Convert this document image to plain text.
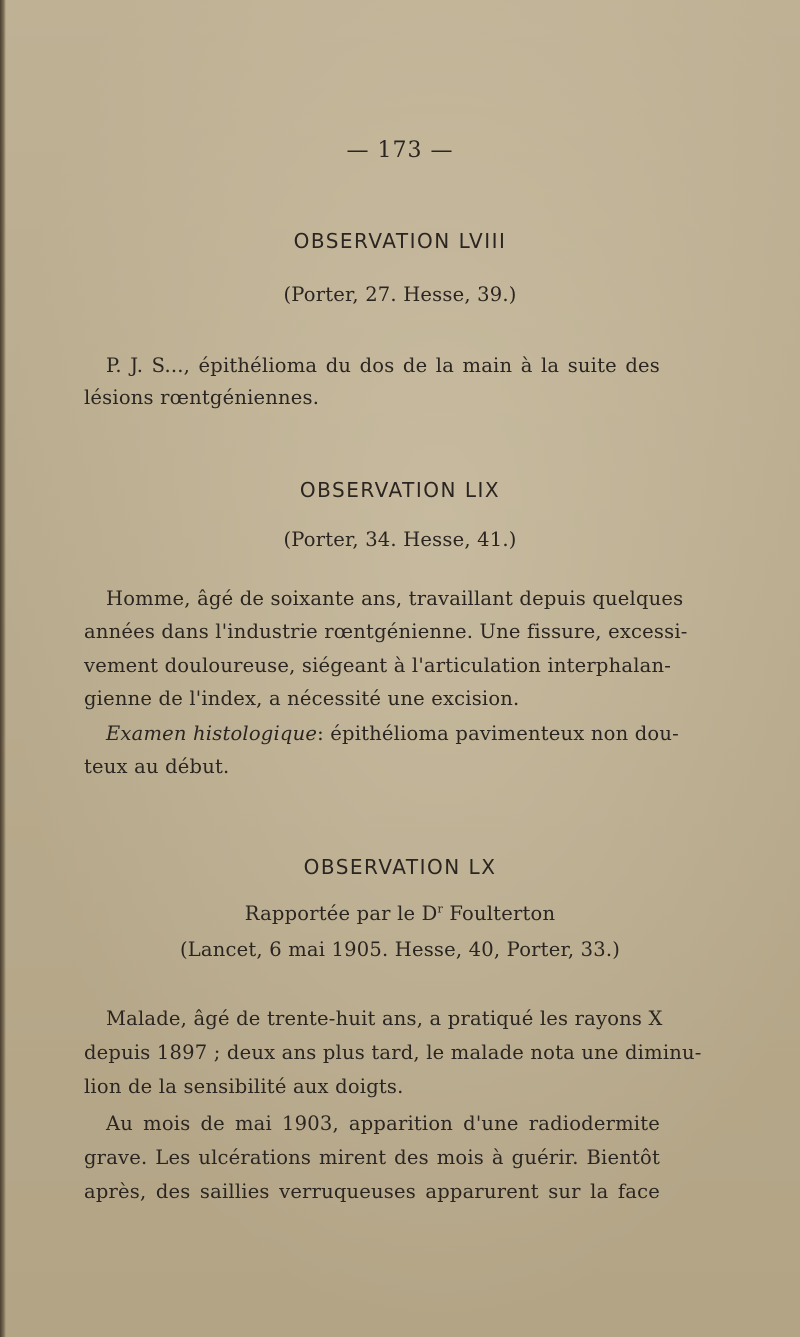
— 173 —
OBSERVATION LVIII
(Porter, 27. Hesse, 39.)
P. J. S..., épithélioma du dos de la main à la suite des
lésions rœntgéniennes.
OBSERVATION LIX
(Porter, 34. Hesse, 41.)
Homme, âgé de soixante ans, travaillant depuis quelques
années dans l'industrie rœntgénienne. Une fissure, excessi-
vement douloureuse, siégeant à l'articulation interphalan-
gienne de l'index, a nécessité une excision.
Examen histologique: épithélioma pavimenteux non dou-
teux au début.
OBSERVATION LX
Rapportée par le $D^r$ Foulterton
(Lancet, 6 mai 1905. Hesse, 40, Porter, 33.)
Malade, âgé de trente-huit ans, a pratiqué les rayons X
depuis 1897 ; deux ans plus tard, le malade nota une diminu-
lion de la sensibilité aux doigts.
Au mois de mai 1903, apparition d'une radiodermite
grave. Les ulcérations mirent des mois à guérir. Bientôt
après, des saillies verruqueuses apparurent sur la face
